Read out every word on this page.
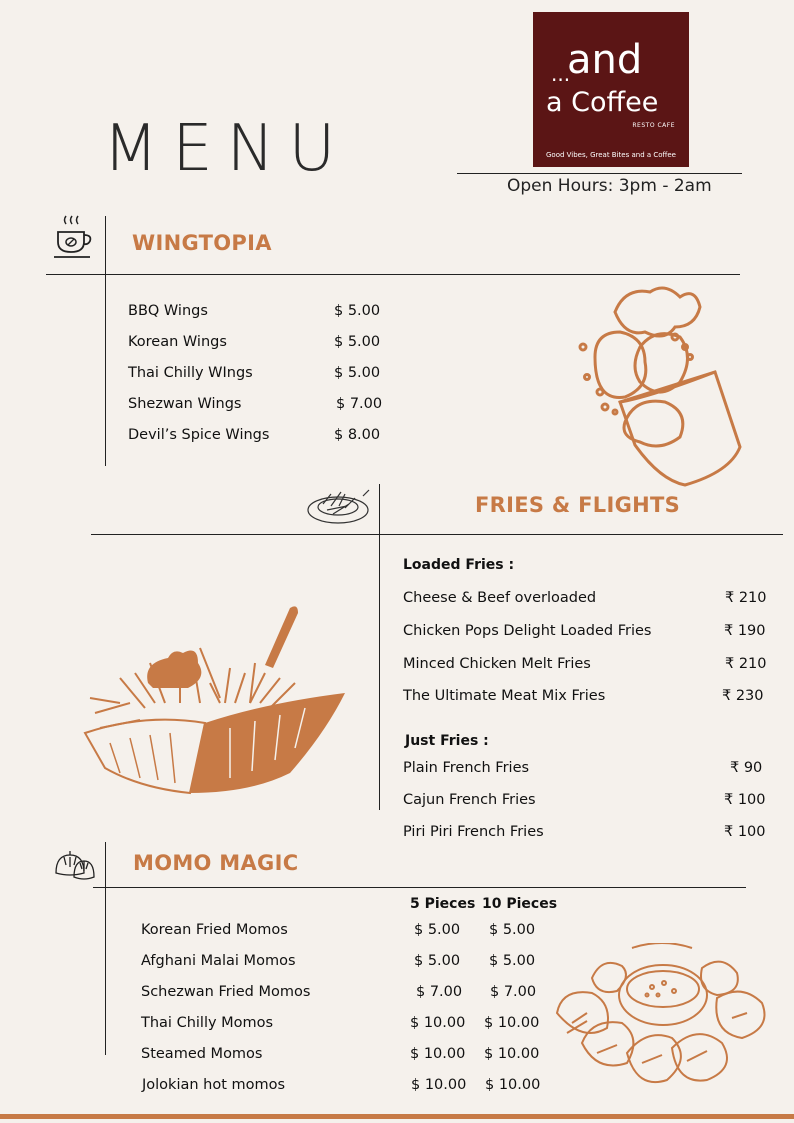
MENU
...
and
a Coffee
RESTO CAFE
Good Vibes, Great Bites and a Coffee
Open Hours: 3pm - 2am
WINGTOPIA
BBQ Wings	$ 5.00
Korean Wings	$ 5.00
Thai Chilly WIngs	$ 5.00
Shezwan Wings	$ 7.00
Devil’s Spice Wings	$ 8.00
FRIES & FLIGHTS
Loaded Fries :
Cheese & Beef overloaded	₹ 210
Chicken Pops Delight Loaded Fries	₹ 190
Minced Chicken Melt Fries	₹ 210
The Ultimate Meat Mix Fries	₹ 230
Just Fries :
Plain French Fries	₹ 90
Cajun French Fries	₹ 100
Piri Piri French Fries	₹ 100
MOMO MAGIC
5 Pieces 10 Pieces
Korean Fried Momos	$ 5.00 $ 5.00
Afghani Malai Momos	$ 5.00 $ 5.00
Schezwan Fried Momos	$ 7.00 $ 7.00
Thai Chilly Momos	$ 10.00 $ 10.00
Steamed Momos	$ 10.00 $ 10.00
Jolokian hot momos	$ 10.00 $ 10.00
